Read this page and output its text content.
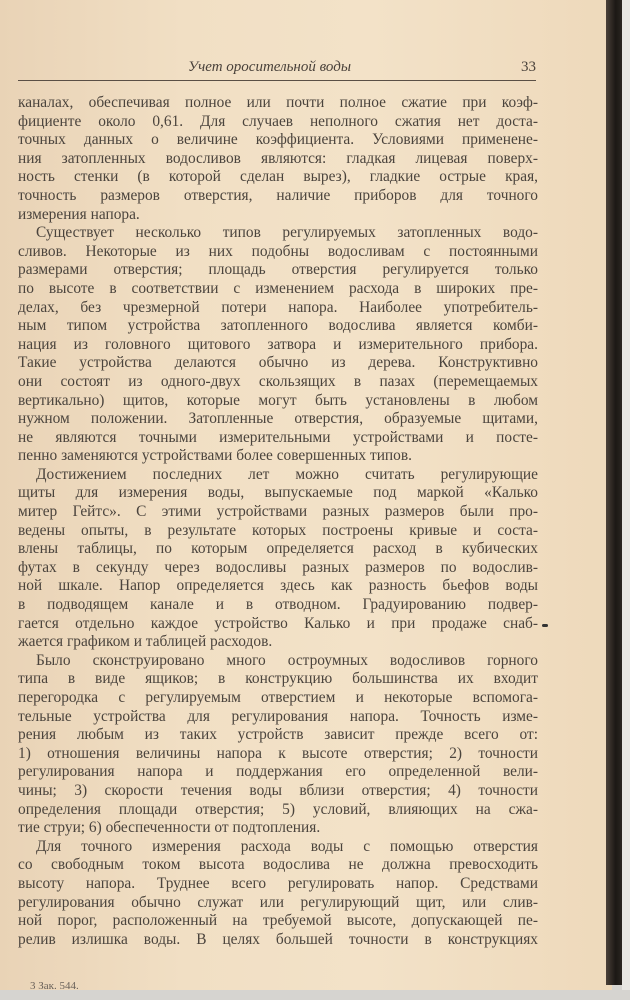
Учет оросительной воды	33
каналах, обеспечивая полное или почти полное сжатие при коэф-
фициенте около 0,61. Для случаев неполного сжатия нет доста-
точных данных о величине коэффициента. Условиями применене-
ния затопленных водосливов являются: гладкая лицевая поверх-
ность стенки (в которой сделан вырез), гладкие острые края,
точность размеров отверстия, наличие приборов для точного
измерения напора.
Существует несколько типов регулируемых затопленных водо-
сливов. Некоторые из них подобны водосливам с постоянными
размерами отверстия; площадь отверстия регулируется только
по высоте в соответствии с изменением расхода в широких пре-
делах, без чрезмерной потери напора. Наиболее употребитель-
ным типом устройства затопленного водослива является комби-
нация из головного щитового затвора и измерительного прибора.
Такие устройства делаются обычно из дерева. Конструктивно
они состоят из одного-двух скользящих в пазах (перемещаемых
вертикально) щитов, которые могут быть установлены в любом
нужном положении. Затопленные отверстия, образуемые щитами,
не являются точными измерительными устройствами и посте-
пенно заменяются устройствами более совершенных типов.
Достижением последних лет можно считать регулирующие
щиты для измерения воды, выпускаемые под маркой «Калько
митер Гейтс». С этими устройствами разных размеров были про-
ведены опыты, в результате которых построены кривые и соста-
влены таблицы, по которым определяется расход в кубических
футах в секунду через водосливы разных размеров по водослив-
ной шкале. Напор определяется здесь как разность бьефов воды
в подводящем канале и в отводном. Градуированию подвер-
гается отдельно каждое устройство Калько и при продаже снаб-
жается графиком и таблицей расходов.
Было сконструировано много остроумных водосливов горного
типа в виде ящиков; в конструкцию большинства их входит
перегородка с регулируемым отверстием и некоторые вспомога-
тельные устройства для регулирования напора. Точность изме-
рения любым из таких устройств зависит прежде всего от:
1) отношения величины напора к высоте отверстия; 2) точности
регулирования напора и поддержания его определенной вели-
чины; 3) скорости течения воды вблизи отверстия; 4) точности
определения площади отверстия; 5) условий, влияющих на сжа-
тие струи; 6) обеспеченности от подтопления.
Для точного измерения расхода воды с помощью отверстия
со свободным током высота водослива не должна превосходить
высоту напора. Труднее всего регулировать напор. Средствами
регулирования обычно служат или регулирующий щит, или слив-
ной порог, расположенный на требуемой высоте, допускающей пе-
релив излишка воды. В целях большей точности в конструкциях
3 Зак. 544.
